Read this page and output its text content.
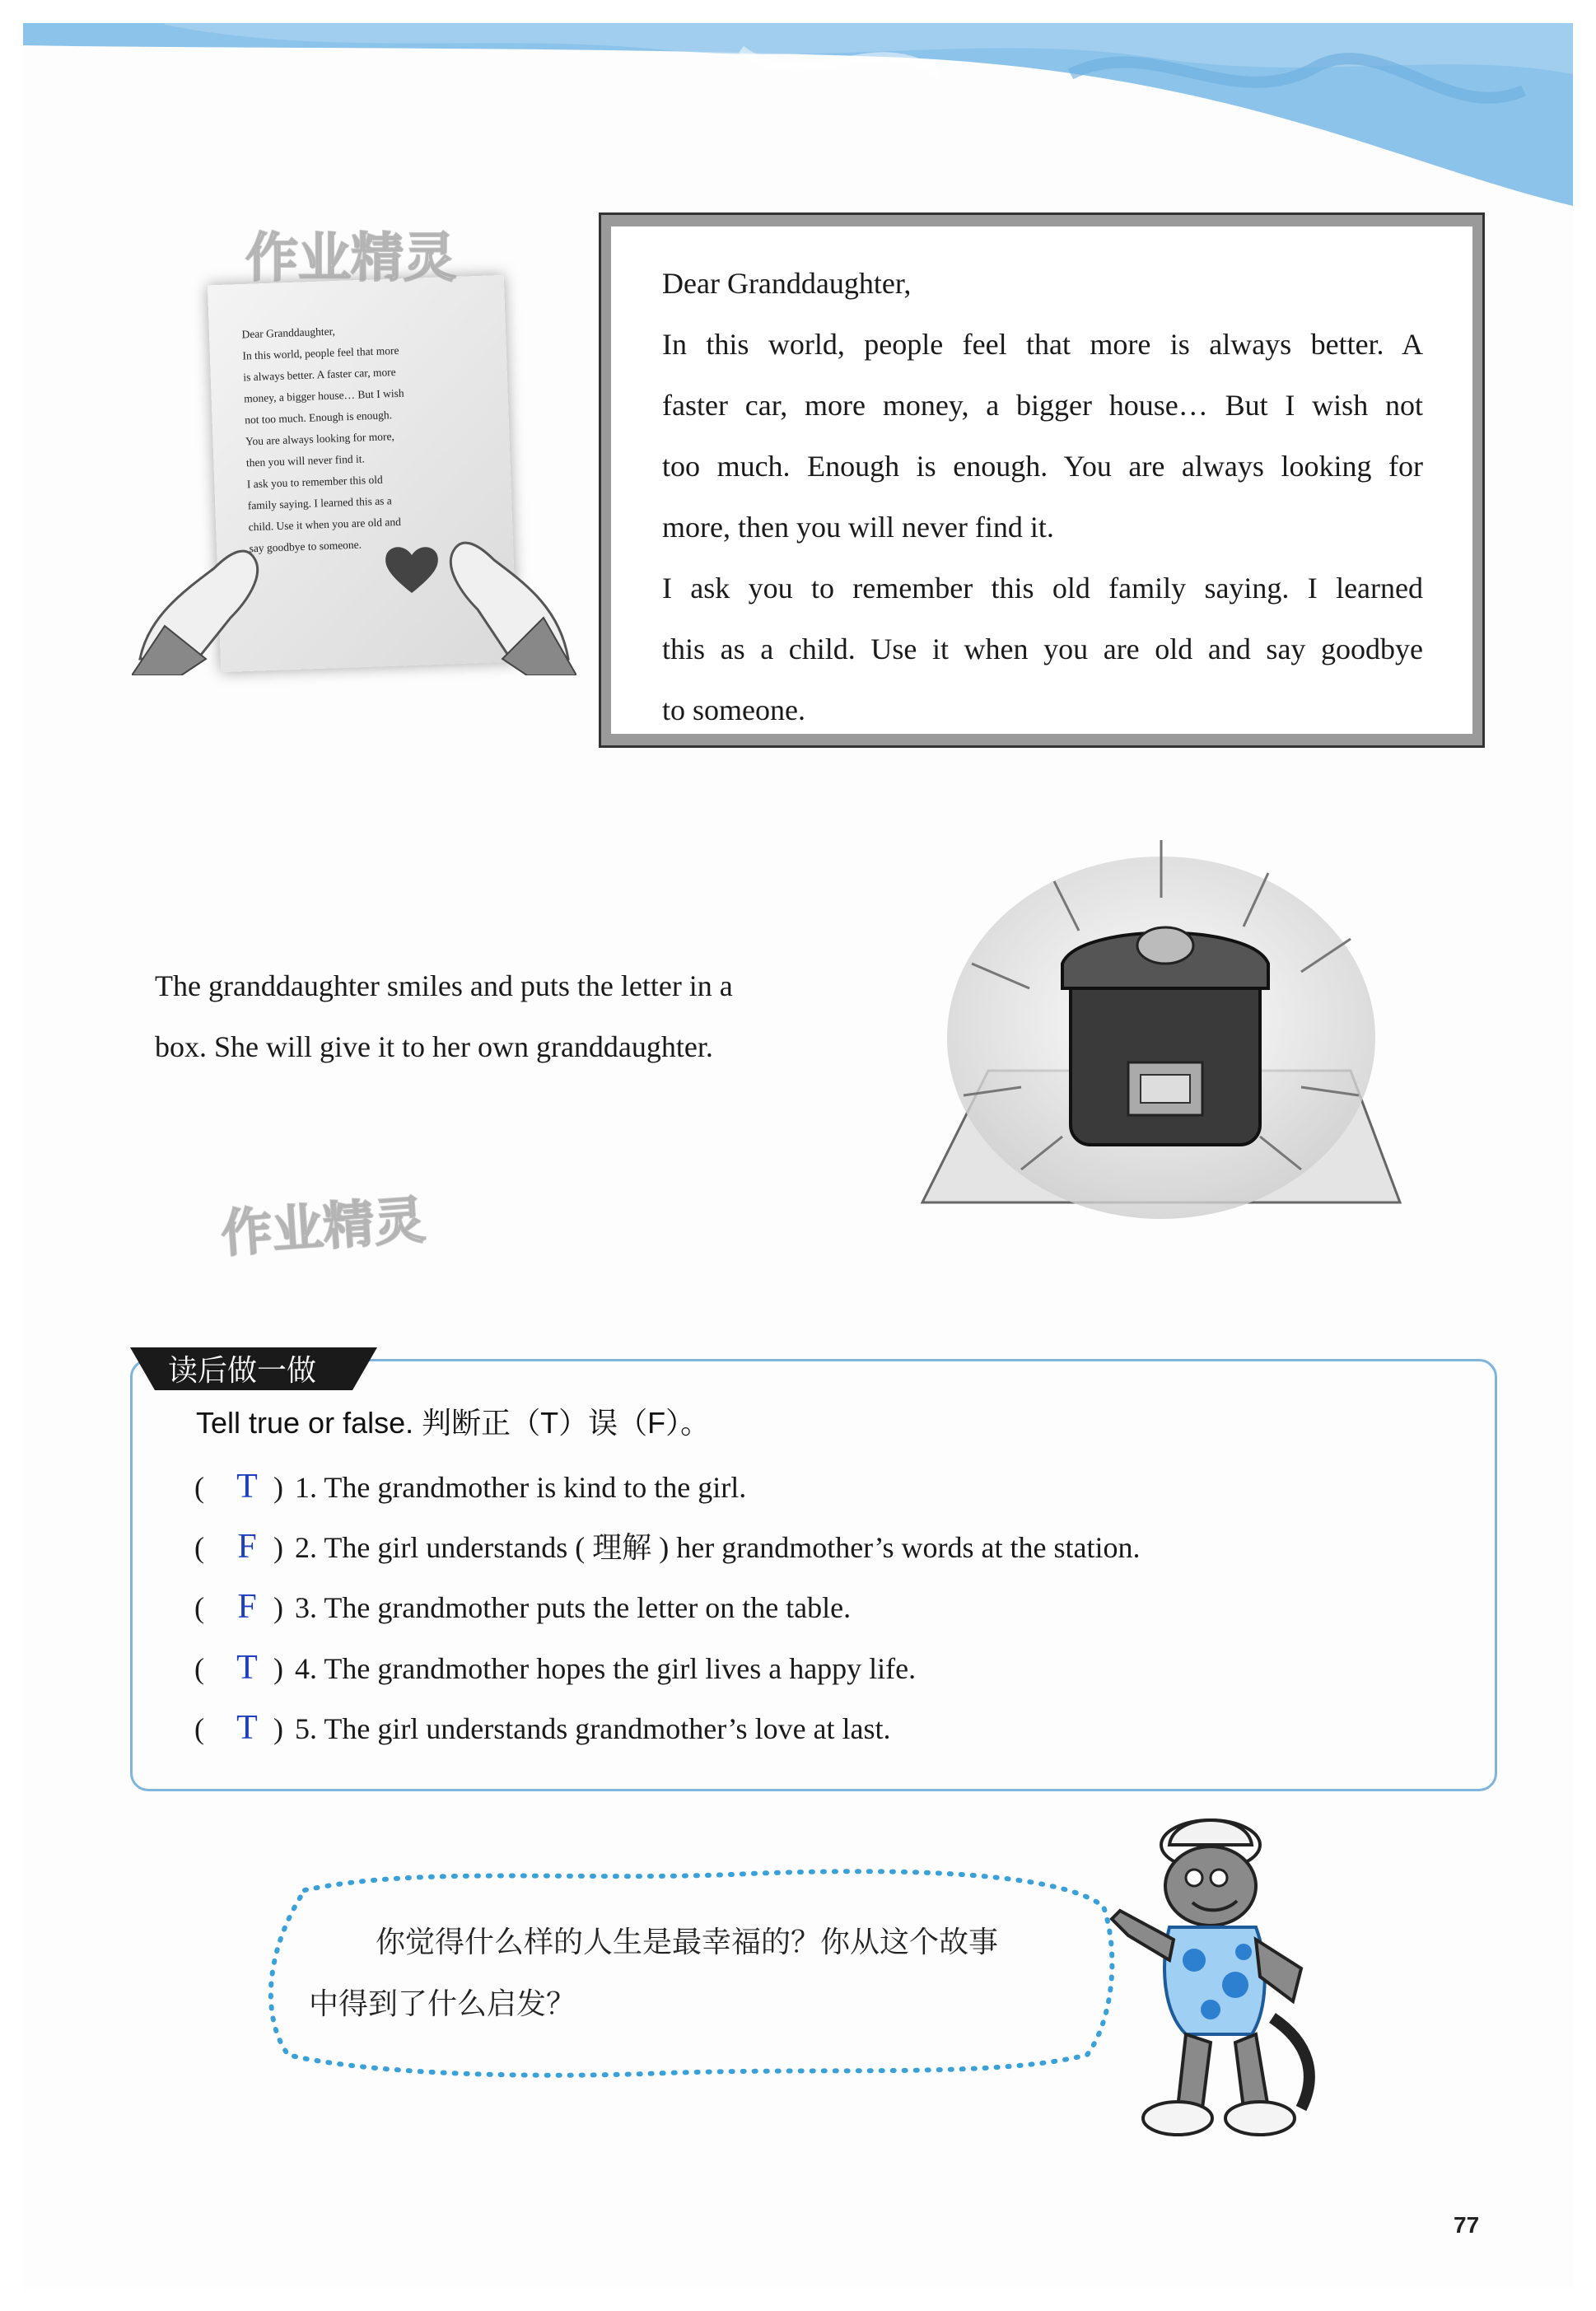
Dear Granddaughter,
In this world, people feel that more
is always better. A faster car, more
money, a bigger house… But I wish
not too much. Enough is enough.
You are always looking for more,
then you will never find it.
I ask you to remember this old
family saying. I learned this as a
child. Use it when you are old and
say goodbye to someone.
作业精灵	Dear Granddaughter,
In this world, people feel that more is always better. A
faster car, more money, a bigger house… But I wish not
too much. Enough is enough. You are always looking for
more, then you will never find it.
I ask you to remember this old family saying. I learned
this as a child. Use it when you are old and say goodbye
to someone.
The granddaughter smiles and puts the letter in a
box. She will give it to her own granddaughter.
作业精灵
读后做一做
Tell true or false. 判断正（T）误（F）。
( T ) 1. The grandmother is kind to the girl.
( F ) 2. The girl understands ( 理解 ) her grandmother’s words at the station.
( F ) 3. The grandmother puts the letter on the table.
( T ) 4. The grandmother hopes the girl lives a happy life.
( T ) 5. The girl understands grandmother’s love at last.
你觉得什么样的人生是最幸福的？你从这个故事
中得到了什么启发？
77
